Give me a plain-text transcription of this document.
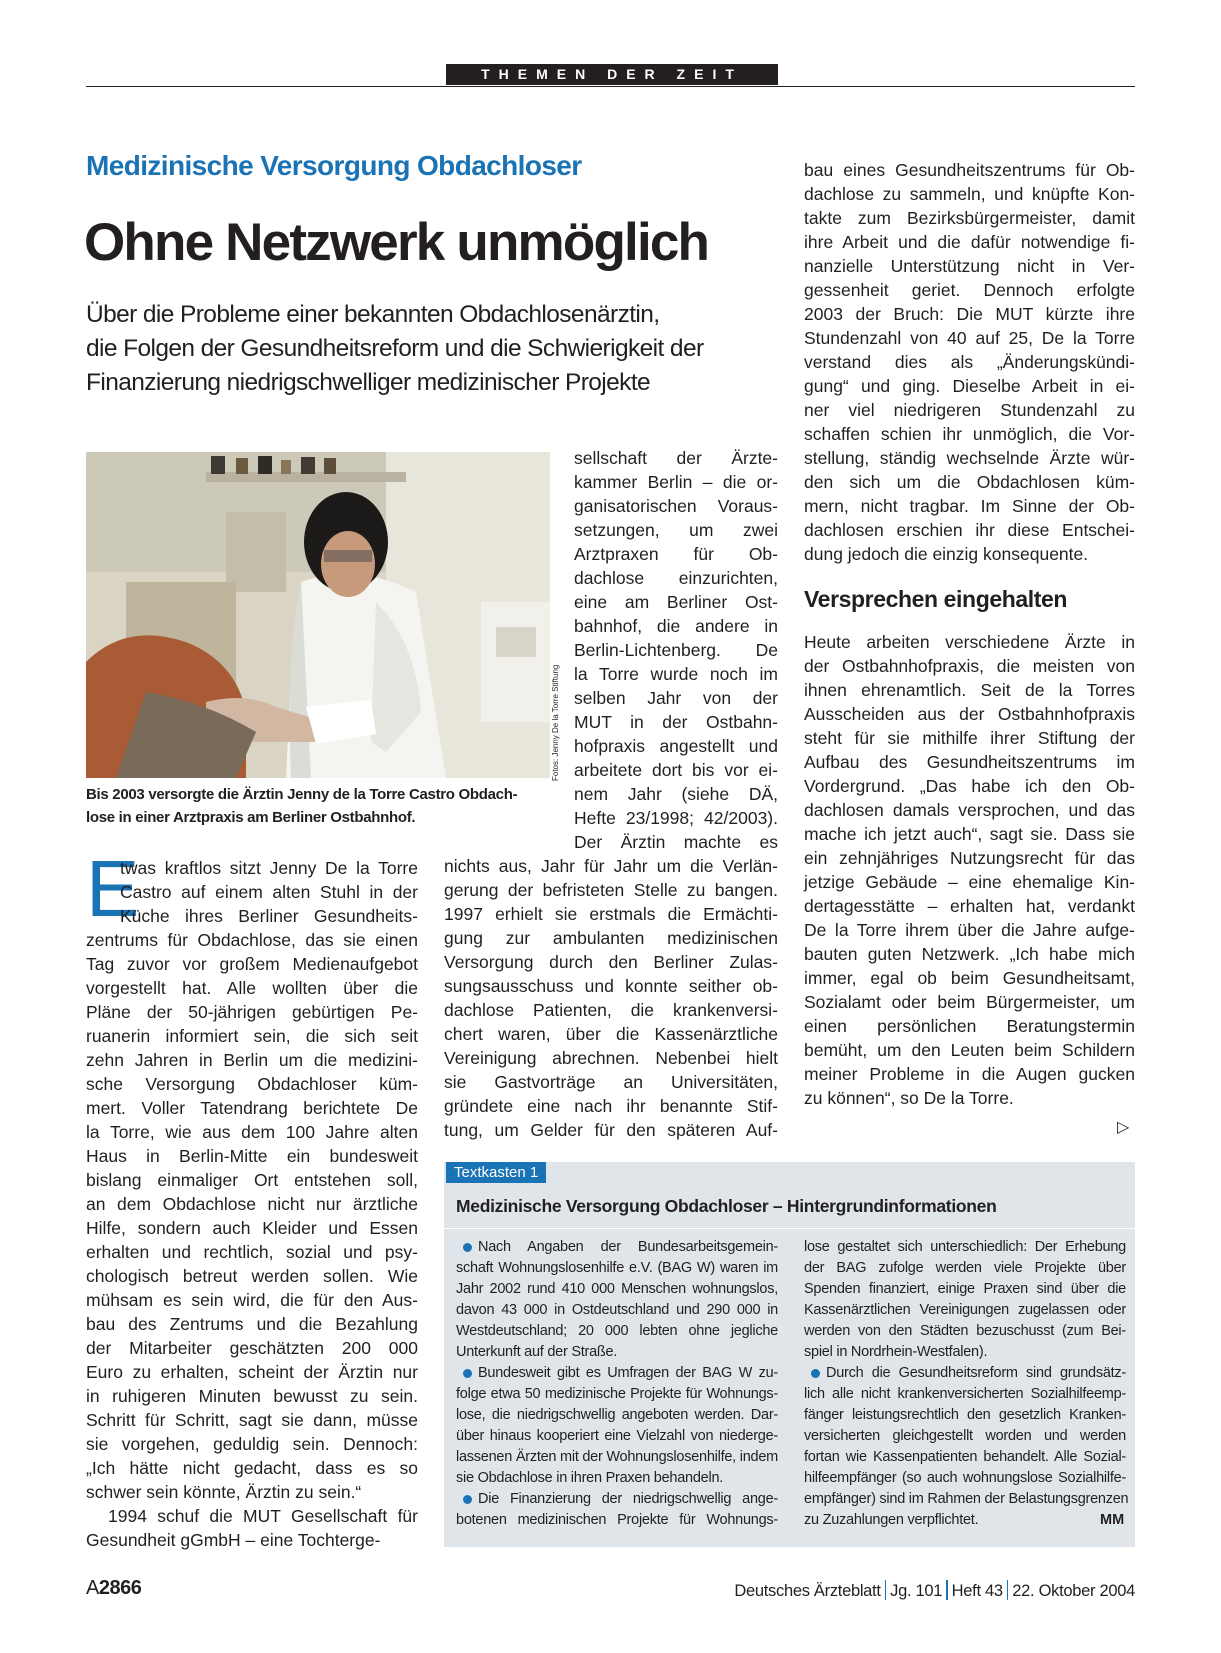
THEMEN DER ZEIT
Medizinische Versorgung Obdachloser
Ohne Netzwerk unmöglich
Über die Probleme einer bekannten Obdachlosenärztin,
die Folgen der Gesundheitsreform und die Schwierigkeit der
Finanzierung niedrigschwelliger medizinischer Projekte
Fotos: Jenny De la Torre Stiftung
Bis 2003 versorgte die Ärztin Jenny de la Torre Castro Obdach-
lose in einer Arztpraxis am Berliner Ostbahnhof.
E
twas kraftlos sitzt Jenny De la Torre
Castro auf einem alten Stuhl in der
Küche ihres Berliner Gesundheits-
zentrums für Obdachlose, das sie einen
Tag zuvor vor großem Medienaufgebot
vorgestellt hat. Alle wollten über die
Pläne der 50-jährigen gebürtigen Pe-
ruanerin informiert sein, die sich seit
zehn Jahren in Berlin um die medizini-
sche Versorgung Obdachloser küm-
mert. Voller Tatendrang berichtete De
la Torre, wie aus dem 100 Jahre alten
Haus in Berlin-Mitte ein bundesweit
bislang einmaliger Ort entstehen soll,
an dem Obdachlose nicht nur ärztliche
Hilfe, sondern auch Kleider und Essen
erhalten und rechtlich, sozial und psy-
chologisch betreut werden sollen. Wie
mühsam es sein wird, die für den Aus-
bau des Zentrums und die Bezahlung
der Mitarbeiter geschätzten 200 000
Euro zu erhalten, scheint der Ärztin nur
in ruhigeren Minuten bewusst zu sein.
Schritt für Schritt, sagt sie dann, müsse
sie vorgehen, geduldig sein. Dennoch:
„Ich hätte nicht gedacht, dass es so
schwer sein könnte, Ärztin zu sein.“
1994 schuf die MUT Gesellschaft für
Gesundheit gGmbH – eine Tochterge-
sellschaft der Ärzte-
kammer Berlin – die or-
ganisatorischen Voraus-
setzungen, um zwei
Arztpraxen für Ob-
dachlose einzurichten,
eine am Berliner Ost-
bahnhof, die andere in
Berlin-Lichtenberg. De
la Torre wurde noch im
selben Jahr von der
MUT in der Ostbahn-
hofpraxis angestellt und
arbeitete dort bis vor ei-
nem Jahr (siehe DÄ,
Hefte 23/1998; 42/2003).
Der Ärztin machte es
nichts aus, Jahr für Jahr um die Verlän-
gerung der befristeten Stelle zu bangen.
1997 erhielt sie erstmals die Ermächti-
gung zur ambulanten medizinischen
Versorgung durch den Berliner Zulas-
sungsausschuss und konnte seither ob-
dachlose Patienten, die krankenversi-
chert waren, über die Kassenärztliche
Vereinigung abrechnen. Nebenbei hielt
sie Gastvorträge an Universitäten,
gründete eine nach ihr benannte Stif-
tung, um Gelder für den späteren Auf-
bau eines Gesundheitszentrums für Ob-
dachlose zu sammeln, und knüpfte Kon-
takte zum Bezirksbürgermeister, damit
ihre Arbeit und die dafür notwendige fi-
nanzielle Unterstützung nicht in Ver-
gessenheit geriet. Dennoch erfolgte
2003 der Bruch: Die MUT kürzte ihre
Stundenzahl von 40 auf 25, De la Torre
verstand dies als „Änderungskündi-
gung“ und ging. Dieselbe Arbeit in ei-
ner viel niedrigeren Stundenzahl zu
schaffen schien ihr unmöglich, die Vor-
stellung, ständig wechselnde Ärzte wür-
den sich um die Obdachlosen küm-
mern, nicht tragbar. Im Sinne der Ob-
dachlosen erschien ihr diese Entschei-
dung jedoch die einzig konsequente.
Versprechen eingehalten
Heute arbeiten verschiedene Ärzte in
der Ostbahnhofpraxis, die meisten von
ihnen ehrenamtlich. Seit de la Torres
Ausscheiden aus der Ostbahnhofpraxis
steht für sie mithilfe ihrer Stiftung der
Aufbau des Gesundheitszentrums im
Vordergrund. „Das habe ich den Ob-
dachlosen damals versprochen, und das
mache ich jetzt auch“, sagt sie. Dass sie
ein zehnjähriges Nutzungsrecht für das
jetzige Gebäude – eine ehemalige Kin-
dertagesstätte – erhalten hat, verdankt
De la Torre ihrem über die Jahre aufge-
bauten guten Netzwerk. „Ich habe mich
immer, egal ob beim Gesundheitsamt,
Sozialamt oder beim Bürgermeister, um
einen persönlichen Beratungstermin
bemüht, um den Leuten beim Schildern
meiner Probleme in die Augen gucken
zu können“, so De la Torre.
▷
Textkasten 1
Medizinische Versorgung Obdachloser – Hintergrundinformationen
Nach Angaben der Bundesarbeitsgemein-
schaft Wohnungslosenhilfe e.V. (BAG W) waren im
Jahr 2002 rund 410 000 Menschen wohnungslos,
davon 43 000 in Ostdeutschland und 290 000 in
Westdeutschland; 20 000 lebten ohne jegliche
Unterkunft auf der Straße.
Bundesweit gibt es Umfragen der BAG W zu-
folge etwa 50 medizinische Projekte für Wohnungs-
lose, die niedrigschwellig angeboten werden. Dar-
über hinaus kooperiert eine Vielzahl von niederge-
lassenen Ärzten mit der Wohnungslosenhilfe, indem
sie Obdachlose in ihren Praxen behandeln.
Die Finanzierung der niedrigschwellig ange-
botenen medizinischen Projekte für Wohnungs-
lose gestaltet sich unterschiedlich: Der Erhebung
der BAG zufolge werden viele Projekte über
Spenden finanziert, einige Praxen sind über die
Kassenärztlichen Vereinigungen zugelassen oder
werden von den Städten bezuschusst (zum Bei-
spiel in Nordrhein-Westfalen).
Durch die Gesundheitsreform sind grundsätz-
lich alle nicht krankenversicherten Sozialhilfeemp-
fänger leistungsrechtlich den gesetzlich Kranken-
versicherten gleichgestellt worden und werden
fortan wie Kassenpatienten behandelt. Alle Sozial-
hilfeempfänger (so auch wohnungslose Sozialhilfe-
empfänger) sind im Rahmen der Belastungsgrenzen
zu Zuzahlungen verpflichtet.	MM
A2866	Deutsches Ärzteblatt Jg. 101 Heft 43 22. Oktober 2004
